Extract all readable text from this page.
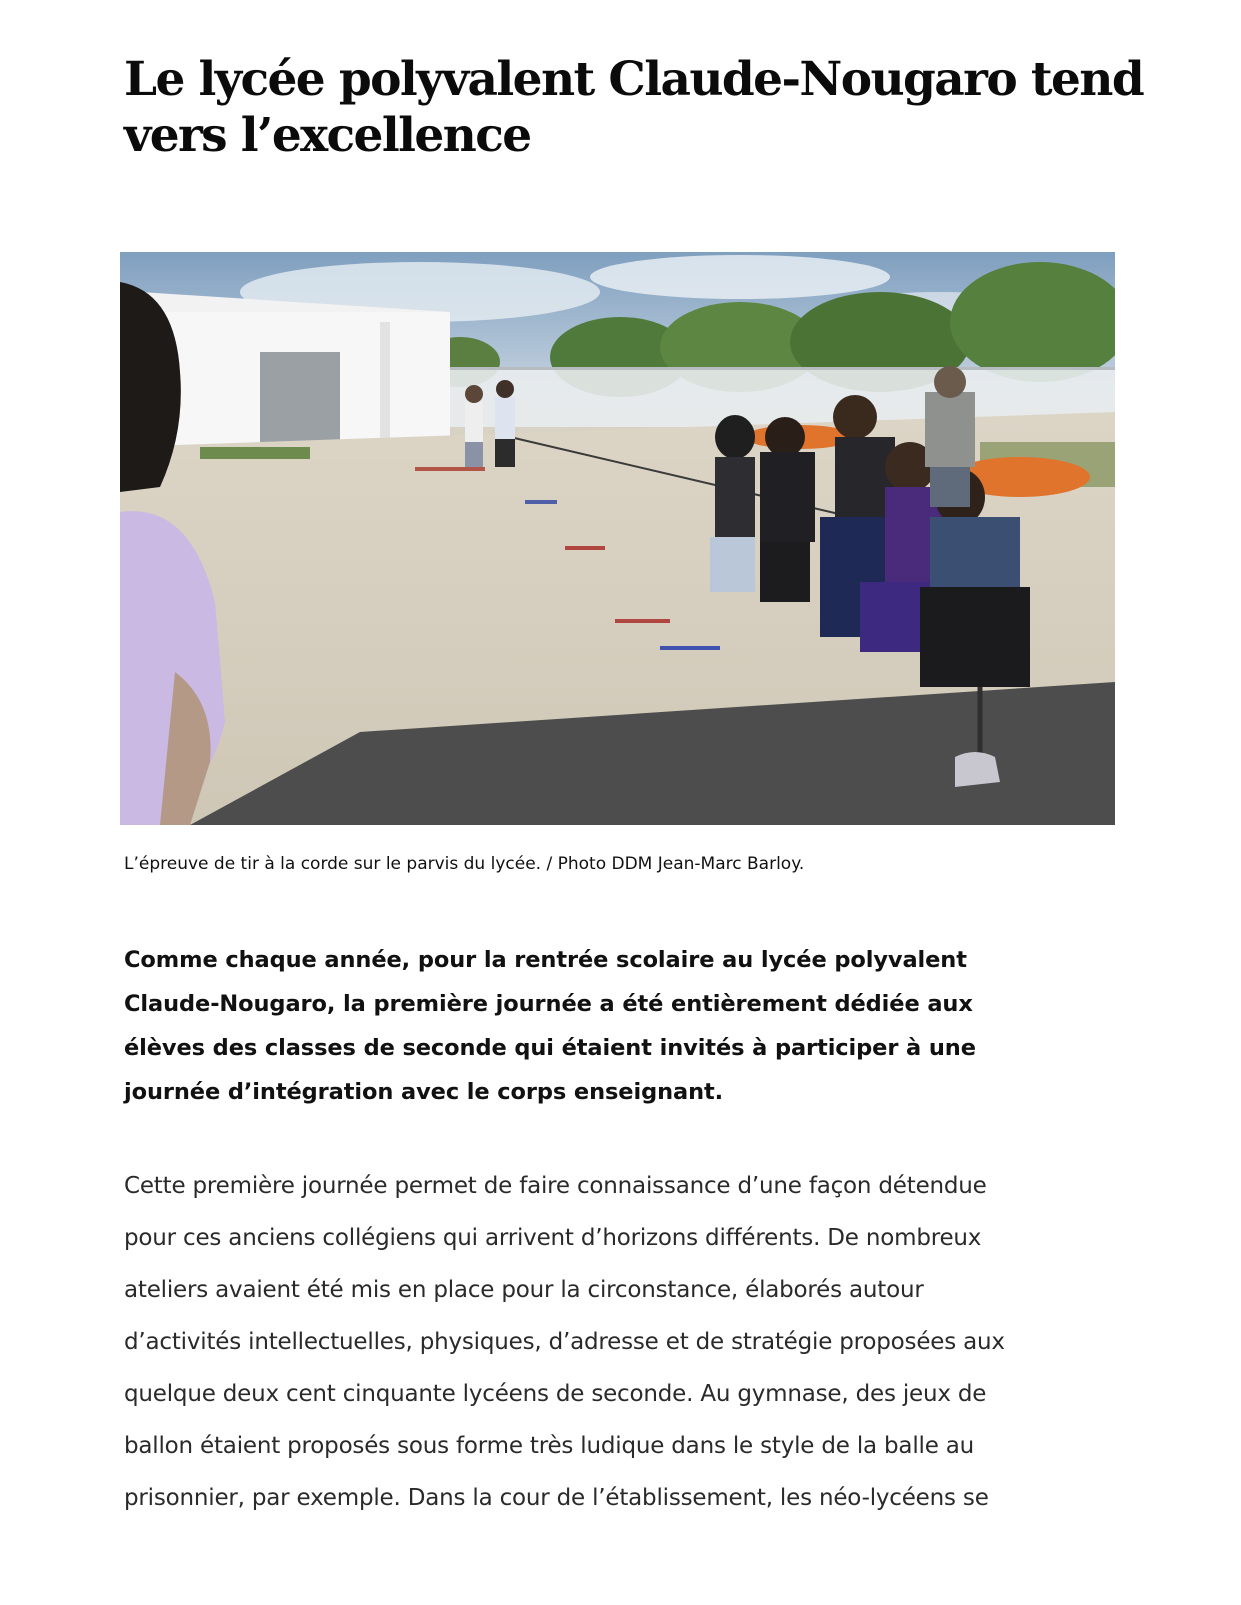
Le lycée polyvalent Claude-Nougaro tend
vers l’excellence

L’épreuve de tir à la corde sur le parvis du lycée. / Photo DDM Jean-Marc Barloy.

Comme chaque année, pour la rentrée scolaire au lycée polyvalent
Claude-Nougaro, la première journée a été entièrement dédiée aux
élèves des classes de seconde qui étaient invités à participer à une
journée d’intégration avec le corps enseignant.

Cette première journée permet de faire connaissance d’une façon détendue
pour ces anciens collégiens qui arrivent d’horizons différents. De nombreux
ateliers avaient été mis en place pour la circonstance, élaborés autour
d’activités intellectuelles, physiques, d’adresse et de stratégie proposées aux
quelque deux cent cinquante lycéens de seconde. Au gymnase, des jeux de
ballon étaient proposés sous forme très ludique dans le style de la balle au
prisonnier, par exemple. Dans la cour de l’établissement, les néo-lycéens se
